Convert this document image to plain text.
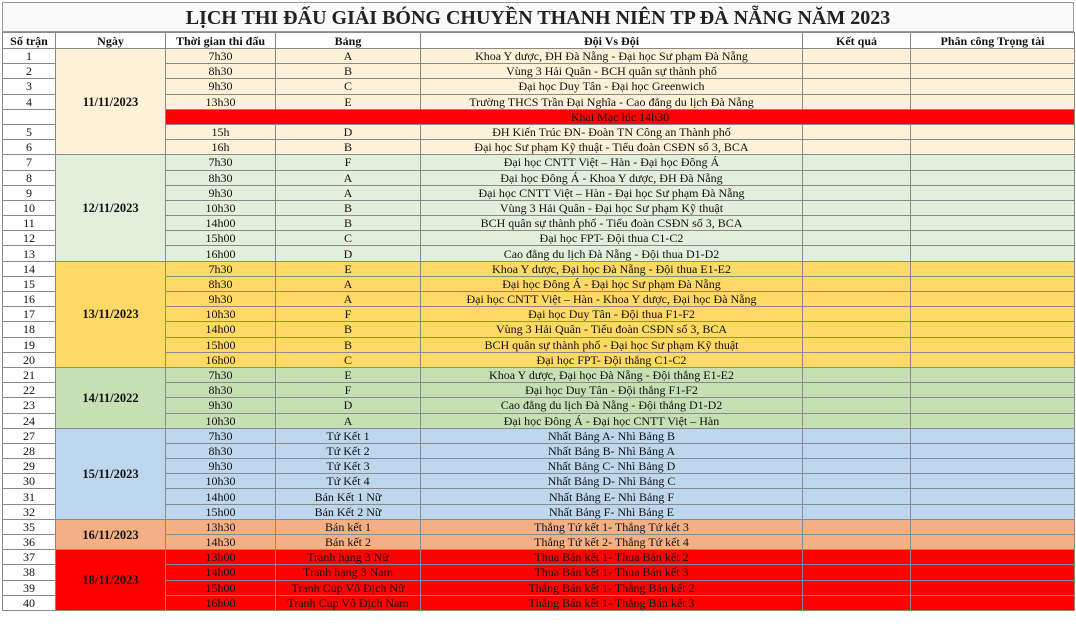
LỊCH THI ĐẤU GIẢI BÓNG CHUYỀN THANH NIÊN TP ĐÀ NẴNG NĂM 2023
Số trận	Ngày	Thời gian thi đấu	Bảng	Đội Vs Đội	Kết quả	Phân công Trọng tài
1	11/11/2023	7h30	A	Khoa Y dược, ĐH Đà Nẵng - Đại học Sư phạm Đà Nẵng		
2		8h30	B	Vùng 3 Hải Quân - BCH quân sự thành phố		
3		9h30	C	Đại học Duy Tân - Đại học Greenwich		
4		13h30	E	Trường THCS Trần Đại Nghĩa - Cao đẳng du lịch Đà Nẵng		
		Khai Mạc lúc 14h30				
5		15h	D	ĐH Kiến Trúc ĐN- Đoàn TN Công an Thành phố		
6		16h	B	Đại học Sư phạm Kỹ thuật - Tiểu đoàn CSĐN số 3, BCA		
7	12/11/2023	7h30	F	Đại học CNTT Việt – Hàn - Đại học Đông Á		
8		8h30	A	Đại học Đông Á - Khoa Y dược, ĐH Đà Nẵng		
9		9h30	A	Đại học CNTT Việt – Hàn - Đại học Sư phạm Đà Nẵng		
10		10h30	B	Vùng 3 Hải Quân - Đại học Sư phạm Kỹ thuật		
11		14h00	B	BCH quân sự thành phố - Tiểu đoàn CSĐN số 3, BCA		
12		15h00	C	Đại học FPT- Đội thua C1-C2		
13		16h00	D	Cao đẳng du lịch Đà Nẵng - Đội thua D1-D2		
14	13/11/2023	7h30	E	Khoa Y dược, Đại học Đà Nẵng - Đội thua E1-E2		
15		8h30	A	Đại học Đông Á - Đại học Sư phạm Đà Nẵng		
16		9h30	A	Đại học CNTT Việt – Hàn - Khoa Y dược, Đại học Đà Nẵng		
17		10h30	F	Đại học Duy Tân - Đội thua F1-F2		
18		14h00	B	Vùng 3 Hải Quân - Tiểu đoàn CSĐN số 3, BCA		
19		15h00	B	BCH quân sự thành phố - Đại học Sư phạm Kỹ thuật		
20		16h00	C	Đại học FPT- Đội thắng C1-C2		
21	14/11/2022	7h30	E	Khoa Y dược, Đại học Đà Nẵng - Đội thắng E1-E2		
22		8h30	F	Đại học Duy Tân - Đội thắng F1-F2		
23		9h30	D	Cao đẳng du lịch Đà Nẵng - Đội thắng D1-D2		
24		10h30	A	Đại học Đông Á - Đại học CNTT Việt – Hàn		
27	15/11/2023	7h30	Tứ Kết 1	Nhất Bảng A- Nhì Bảng B		
28		8h30	Tứ Kết 2	Nhất Bảng B- Nhì Bảng A		
29		9h30	Tứ Kết 3	Nhất Bảng C- Nhì Bảng D		
30		10h30	Tứ Kết 4	Nhất Bảng D- Nhì Bảng C		
31		14h00	Bán Kết 1 Nữ	Nhất Bảng E- Nhì Bảng F		
32		15h00	Bán Kết 2 Nữ	Nhất Bảng F- Nhì Bảng E		
35	16/11/2023	13h30	Bán kết 1	Thắng Tứ kết 1- Thắng Tứ kết 3		
36		14h30	Bán kết 2	Thắng Tứ kết 2- Thắng Tứ kết 4		
37	18/11/2023	13h00	Tranh hạng 3 Nữ	Thua Bán kết 1- Thua Bán kết 2		
38		14h00	Tranh hạng 3 Nam	Thua Bán kết 1- Thua Bán kết 3		
39		15h00	Tranh Cup Vô Địch Nữ	Thắng Bán kết 1- Thắng Bán kết 2		
40		16h00	Tranh Cup Vô Địch Nam	Thắng Bán kết 1- Thắng Bán kết 3		
